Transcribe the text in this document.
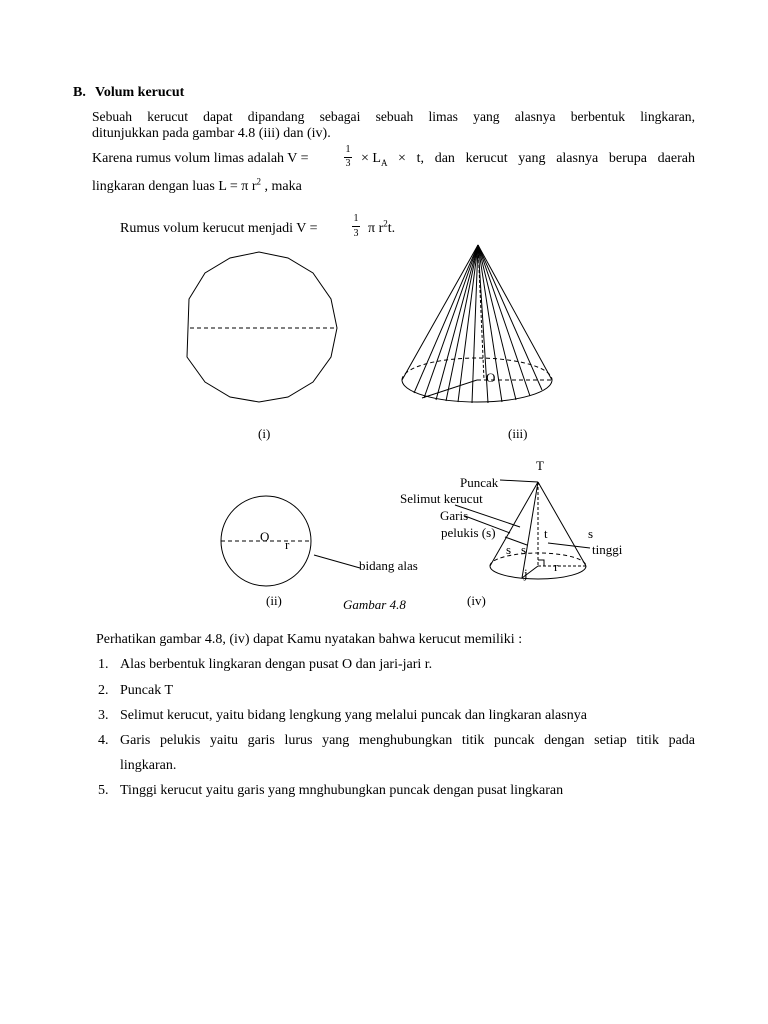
B. Volum kerucut
Sebuah kerucut dapat dipandang sebagai sebuah limas yang alasnya berbentuk lingkaran,
ditunjukkan pada gambar 4.8 (iii) dan (iv).
Karena rumus volum limas adalah V =
1
$3 \times L_A \times t$, dan kerucut yang alasnya berupa daerah
lingkaran dengan luas L = π $r^2$ , maka
Rumus volum kerucut menjadi V =
1
3 π $r^2t$.
O
O
r
bidang alas
T
Puncak
Selimut kerucut
Garis
pelukis (s)	t	s
s s	tinggi
r
j
(i)	(iii)
(ii)	(iv)
Gambar 4.8
Perhatikan gambar 4.8, (iv) dapat Kamu nyatakan bahwa kerucut memiliki :
1. Alas berbentuk lingkaran dengan pusat O dan jari-jari r.
2. Puncak T
3. Selimut kerucut, yaitu bidang lengkung yang melalui puncak dan lingkaran alasnya
4. Garis pelukis yaitu garis lurus yang menghubungkan titik puncak dengan setiap titik pada
lingkaran.
5. Tinggi kerucut yaitu garis yang mnghubungkan puncak dengan pusat lingkaran
